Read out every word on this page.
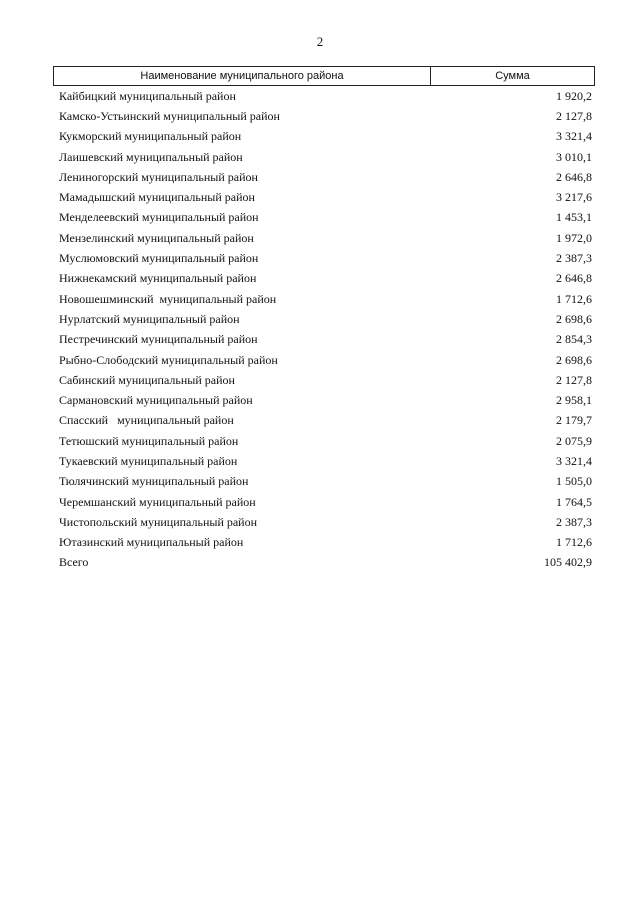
2
Наименование муниципального района	Сумма
Кайбицкий муниципальный район	1 920,2
Камско-Устьинский муниципальный район	2 127,8
Кукморский муниципальный район	3 321,4
Лаишевский муниципальный район	3 010,1
Лениногорский муниципальный район	2 646,8
Мамадышский муниципальный район	3 217,6
Менделеевский муниципальный район	1 453,1
Мензелинский муниципальный район	1 972,0
Муслюмовский муниципальный район	2 387,3
Нижнекамский муниципальный район	2 646,8
Новошешминский  муниципальный район	1 712,6
Нурлатский муниципальный район	2 698,6
Пестречинский муниципальный район	2 854,3
Рыбно-Слободский муниципальный район	2 698,6
Сабинский муниципальный район	2 127,8
Сармановский муниципальный район	2 958,1
Спасский   муниципальный район	2 179,7
Тетюшский муниципальный район	2 075,9
Тукаевский муниципальный район	3 321,4
Тюлячинский муниципальный район	1 505,0
Черемшанский муниципальный район	1 764,5
Чистопольский муниципальный район	2 387,3
Ютазинский муниципальный район	1 712,6
Всего	105 402,9
